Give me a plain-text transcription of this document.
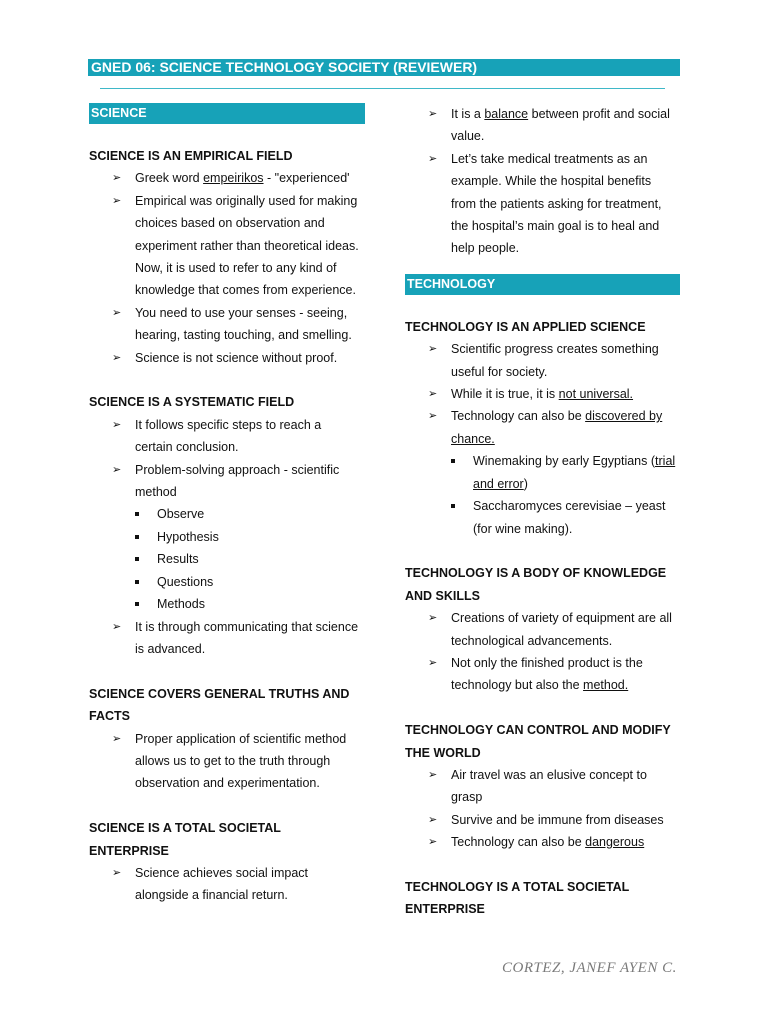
GNED 06: SCIENCE TECHNOLOGY SOCIETY (REVIEWER)
SCIENCE
SCIENCE IS AN EMPIRICAL FIELD
➢ Greek word empeirikos - "experienced'
➢ Empirical was originally used for making
choices based on observation and
experiment rather than theoretical ideas.
Now, it is used to refer to any kind of
knowledge that comes from experience.
➢ You need to use your senses - seeing,
hearing, tasting touching, and smelling.
➢ Science is not science without proof.
SCIENCE IS A SYSTEMATIC FIELD
➢ It follows specific steps to reach a
certain conclusion.
➢ Problem-solving approach - scientific
method
Observe
Hypothesis
Results
Questions
Methods
➢ It is through communicating that science
is advanced.
SCIENCE COVERS GENERAL TRUTHS AND
FACTS
➢ Proper application of scientific method
allows us to get to the truth through
observation and experimentation.
SCIENCE IS A TOTAL SOCIETAL
ENTERPRISE
➢ Science achieves social impact
alongside a financial return.
➢ It is a balance between profit and social
value.
➢ Let’s take medical treatments as an
example. While the hospital benefits
from the patients asking for treatment,
the hospital’s main goal is to heal and
help people.
TECHNOLOGY
TECHNOLOGY IS AN APPLIED SCIENCE
➢ Scientific progress creates something
useful for society.
➢ While it is true, it is not universal.
➢ Technology can also be discovered by
chance.
Winemaking by early Egyptians (trial
and error)
Saccharomyces cerevisiae – yeast
(for wine making).
TECHNOLOGY IS A BODY OF KNOWLEDGE
AND SKILLS
➢ Creations of variety of equipment are all
technological advancements.
➢ Not only the finished product is the
technology but also the method.
TECHNOLOGY CAN CONTROL AND MODIFY
THE WORLD
➢ Air travel was an elusive concept to
grasp
➢ Survive and be immune from diseases
➢ Technology can also be dangerous
TECHNOLOGY IS A TOTAL SOCIETAL
ENTERPRISE
CORTEZ, JANEF AYEN C.
